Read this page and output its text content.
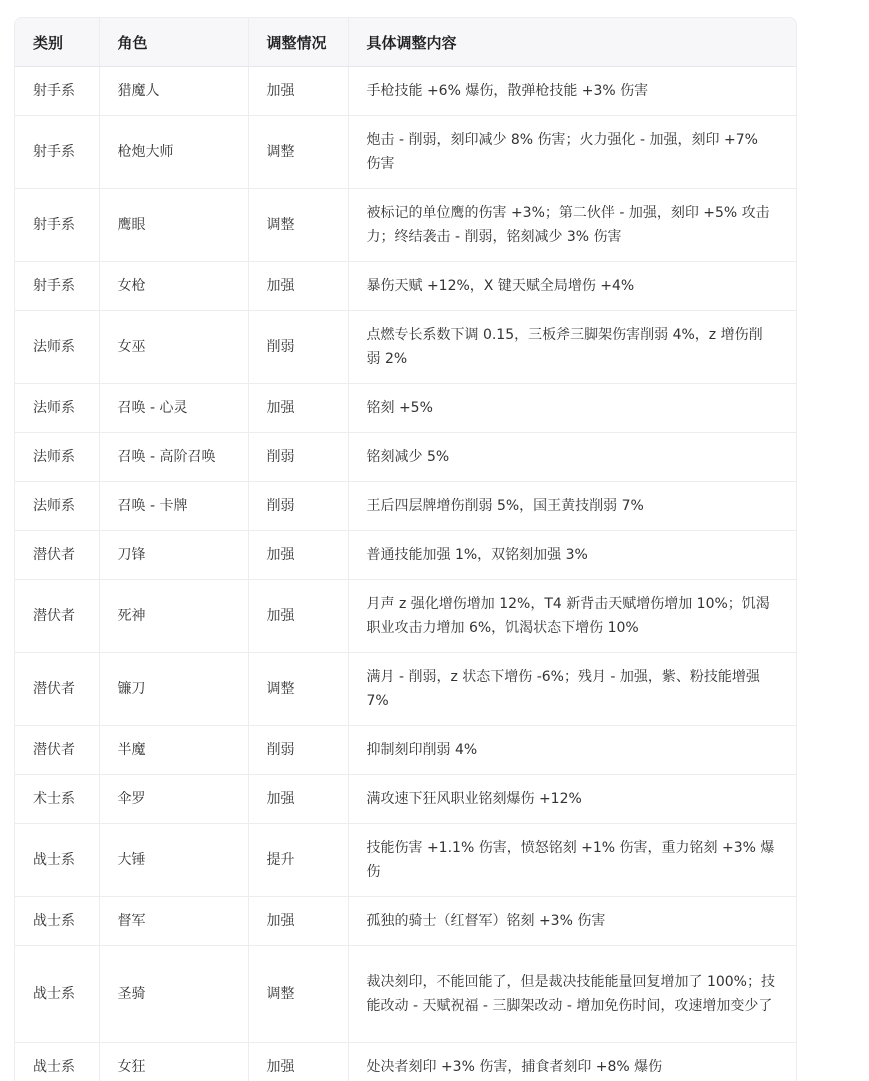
类别	角色	调整情况	具体调整内容
射手系	猎魔人	加强	手枪技能 +6% 爆伤，散弹枪技能 +3% 伤害
射手系	枪炮大师	调整	炮击 - 削弱，刻印减少 8% 伤害；火力强化 - 加强，刻印 +7% 伤害
射手系	鹰眼	调整	被标记的单位鹰的伤害 +3%；第二伙伴 - 加强，刻印 +5% 攻击力；终结袭击 - 削弱，铭刻减少 3% 伤害
射手系	女枪	加强	暴伤天赋 +12%，X 键天赋全局增伤 +4%
法师系	女巫	削弱	点燃专长系数下调 0.15，三板斧三脚架伤害削弱 4%，z 增伤削弱 2%
法师系	召唤 - 心灵	加强	铭刻 +5%
法师系	召唤 - 高阶召唤	削弱	铭刻减少 5%
法师系	召唤 - 卡牌	削弱	王后四层牌增伤削弱 5%，国王黄技削弱 7%
潜伏者	刀锋	加强	普通技能加强 1%，双铭刻加强 3%
潜伏者	死神	加强	月声 z 强化增伤增加 12%，T4 新背击天赋增伤增加 10%；饥渴职业攻击力增加 6%，饥渴状态下增伤 10%
潜伏者	镰刀	调整	满月 - 削弱，z 状态下增伤 -6%；残月 - 加强，紫、粉技能增强 7%
潜伏者	半魔	削弱	抑制刻印削弱 4%
术士系	伞罗	加强	满攻速下狂风职业铭刻爆伤 +12%
战士系	大锤	提升	技能伤害 +1.1% 伤害，愤怒铭刻 +1% 伤害，重力铭刻 +3% 爆伤
战士系	督军	加强	孤独的骑士（红督军）铭刻 +3% 伤害
战士系	圣骑	调整	裁决刻印，不能回能了，但是裁决技能能量回复增加了 100%；技能改动 - 天赋祝福 - 三脚架改动 - 增加免伤时间，攻速增加变少了
战士系	女狂	加强	处决者刻印 +3% 伤害，捕食者刻印 +8% 爆伤
